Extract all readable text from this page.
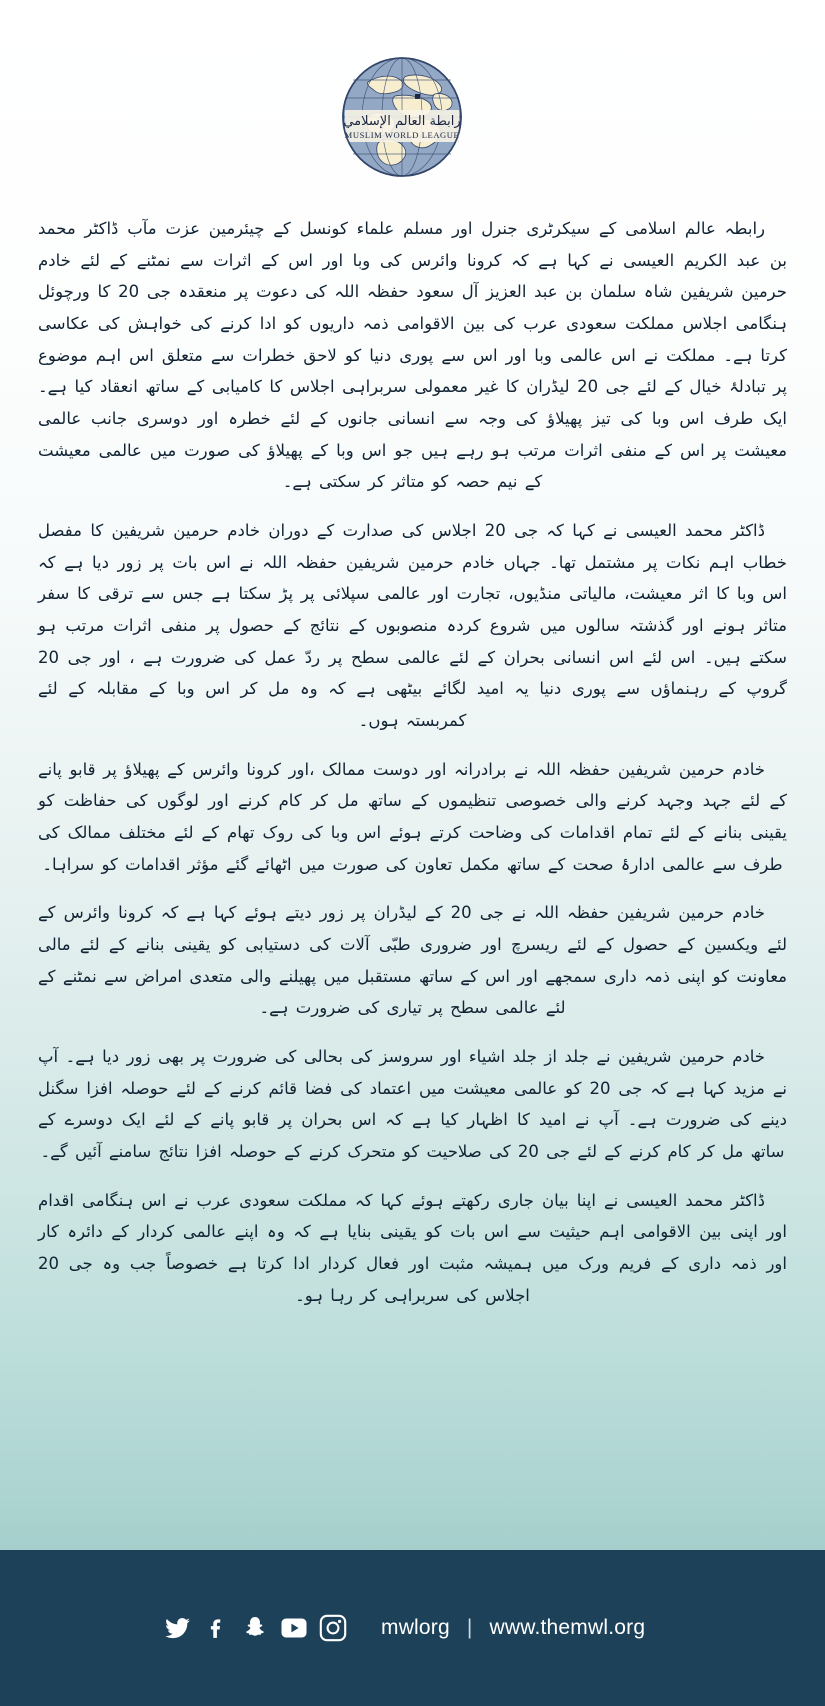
رابطة العالم الإسلامي
MUSLIM WORLD LEAGUE

رابطہ عالم اسلامی کے سیکرٹری جنرل اور مسلم علماء کونسل کے چیئرمین عزت مآب ڈاکٹر محمد بن عبد الکریم العیسی نے کہا ہے کہ کرونا وائرس کی وبا اور اس کے اثرات سے نمٹنے کے لئے خادم حرمین شریفین شاہ سلمان بن عبد العزیز آل سعود حفظہ اللہ کی دعوت پر منعقدہ جی 20 کا ورچوئل ہنگامی اجلاس مملکت سعودی عرب کی بین الاقوامی ذمہ داریوں کو ادا کرنے کی خواہش کی عکاسی کرتا ہے۔ مملکت نے اس عالمی وبا اور اس سے پوری دنیا کو لاحق خطرات سے متعلق اس اہم موضوع پر تبادلۂ خیال کے لئے جی 20 لیڈران کا غیر معمولی سربراہی اجلاس کا کامیابی کے ساتھ انعقاد کیا ہے۔ ایک طرف اس وبا کی تیز پھیلاؤ کی وجہ سے انسانی جانوں کے لئے خطرہ اور دوسری جانب عالمی معیشت پر اس کے منفی اثرات مرتب ہو رہے ہیں جو اس وبا کے پھیلاؤ کی صورت میں عالمی معیشت کے نیم حصہ کو متاثر کر سکتی ہے۔

ڈاکٹر محمد العیسی نے کہا کہ جی 20 اجلاس کی صدارت کے دوران خادم حرمین شریفین کا مفصل خطاب اہم نکات پر مشتمل تھا۔ جہاں خادم حرمین شریفین حفظہ اللہ نے اس بات پر زور دیا ہے کہ اس وبا کا اثر معیشت، مالیاتی منڈیوں، تجارت اور عالمی سپلائی پر پڑ سکتا ہے جس سے ترقی کا سفر متاثر ہونے اور گذشتہ سالوں میں شروع کردہ منصوبوں کے نتائج کے حصول پر منفی اثرات مرتب ہو سکتے ہیں۔ اس لئے اس انسانی بحران کے لئے عالمی سطح پر ردّ عمل کی ضرورت ہے ، اور جی 20 گروپ کے رہنماؤں سے پوری دنیا یہ امید لگائے بیٹھی ہے کہ وہ مل کر اس وبا کے مقابلہ کے لئے کمربستہ ہوں۔

خادم حرمین شریفین حفظہ اللہ نے برادرانہ اور دوست ممالک ،اور کرونا وائرس کے پھیلاؤ پر قابو پانے کے لئے جہد وجہد کرنے والی خصوصی تنظیموں کے ساتھ مل کر کام کرنے اور لوگوں کی حفاظت کو یقینی بنانے کے لئے تمام اقدامات کی وضاحت کرتے ہوئے اس وبا کی روک تھام کے لئے مختلف ممالک کی طرف سے عالمی ادارۂ صحت کے ساتھ مکمل تعاون کی صورت میں اٹھائے گئے مؤثر اقدامات کو سراہا۔

خادم حرمین شریفین حفظہ اللہ نے جی 20 کے لیڈران پر زور دیتے ہوئے کہا ہے کہ کرونا وائرس کے لئے ویکسین کے حصول کے لئے ریسرچ اور ضروری طبّی آلات کی دستیابی کو یقینی بنانے کے لئے مالی معاونت کو اپنی ذمہ داری سمجھے اور اس کے ساتھ مستقبل میں پھیلنے والی متعدی امراض سے نمٹنے کے لئے عالمی سطح پر تیاری کی ضرورت ہے۔

خادم حرمین شریفین نے جلد از جلد اشیاء اور سروسز کی بحالی کی ضرورت پر بھی زور دیا ہے۔ آپ نے مزید کہا ہے کہ جی 20 کو عالمی معیشت میں اعتماد کی فضا قائم کرنے کے لئے حوصلہ افزا سگنل دینے کی ضرورت ہے۔ آپ نے امید کا اظہار کیا ہے کہ اس بحران پر قابو پانے کے لئے ایک دوسرے کے ساتھ مل کر کام کرنے کے لئے جی 20 کی صلاحیت کو متحرک کرنے کے حوصلہ افزا نتائج سامنے آئیں گے۔

ڈاکٹر محمد العیسی نے اپنا بیان جاری رکھتے ہوئے کہا کہ مملکت سعودی عرب نے اس ہنگامی اقدام اور اپنی بین الاقوامی اہم حیثیت سے اس بات کو یقینی بنایا ہے کہ وہ اپنے عالمی کردار کے دائرہ کار اور ذمہ داری کے فریم ورک میں ہمیشہ مثبت اور فعال کردار ادا کرتا ہے خصوصاً جب وہ جی 20 اجلاس کی سربراہی کر رہا ہو۔

mwlorg | www.themwl.org
